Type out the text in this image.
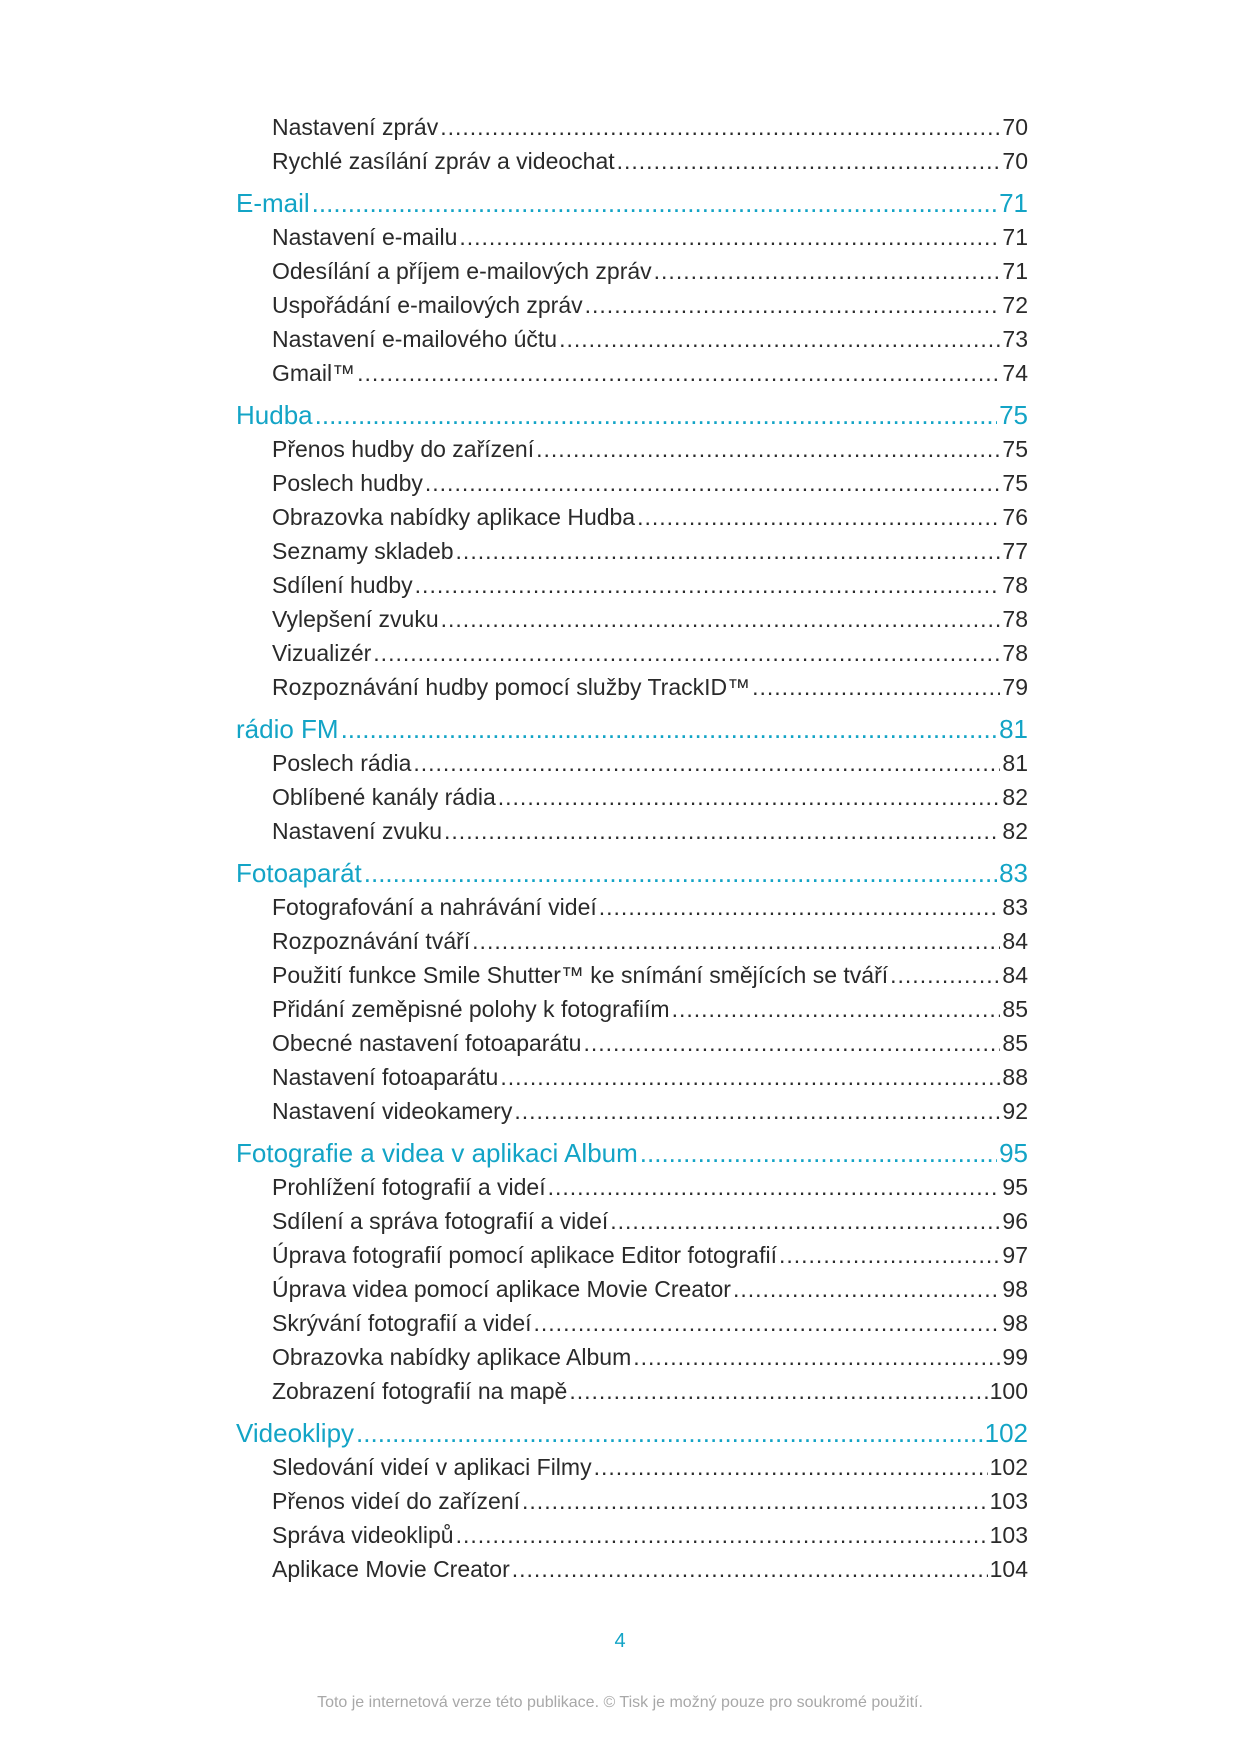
Nastavení zpráv .....	70
Rychlé zasílání zpráv a videochat .....	70
E-mail .....	71
Nastavení e-mailu .....	71
Odesílání a příjem e-mailových zpráv .....	71
Uspořádání e-mailových zpráv .....	72
Nastavení e-mailového účtu .....	73
Gmail™ .....	74
Hudba .....	75
Přenos hudby do zařízení .....	75
Poslech hudby .....	75
Obrazovka nabídky aplikace Hudba .....	76
Seznamy skladeb .....	77
Sdílení hudby .....	78
Vylepšení zvuku .....	78
Vizualizér .....	78
Rozpoznávání hudby pomocí služby TrackID™ .....	79
rádio FM .....	81
Poslech rádia .....	81
Oblíbené kanály rádia .....	82
Nastavení zvuku .....	82
Fotoaparát .....	83
Fotografování a nahrávání videí .....	83
Rozpoznávání tváří .....	84
Použití funkce Smile Shutter™ ke snímání smějících se tváří .....	84
Přidání zeměpisné polohy k fotografiím .....	85
Obecné nastavení fotoaparátu .....	85
Nastavení fotoaparátu .....	88
Nastavení videokamery .....	92
Fotografie a videa v aplikaci Album .....	95
Prohlížení fotografií a videí .....	95
Sdílení a správa fotografií a videí .....	96
Úprava fotografií pomocí aplikace Editor fotografií .....	97
Úprava videa pomocí aplikace Movie Creator .....	98
Skrývání fotografií a videí .....	98
Obrazovka nabídky aplikace Album .....	99
Zobrazení fotografií na mapě .....	100
Videoklipy .....	102
Sledování videí v aplikaci Filmy .....	102
Přenos videí do zařízení .....	103
Správa videoklipů .....	103
Aplikace Movie Creator .....	104
4
Toto je internetová verze této publikace. © Tisk je možný pouze pro soukromé použití.
